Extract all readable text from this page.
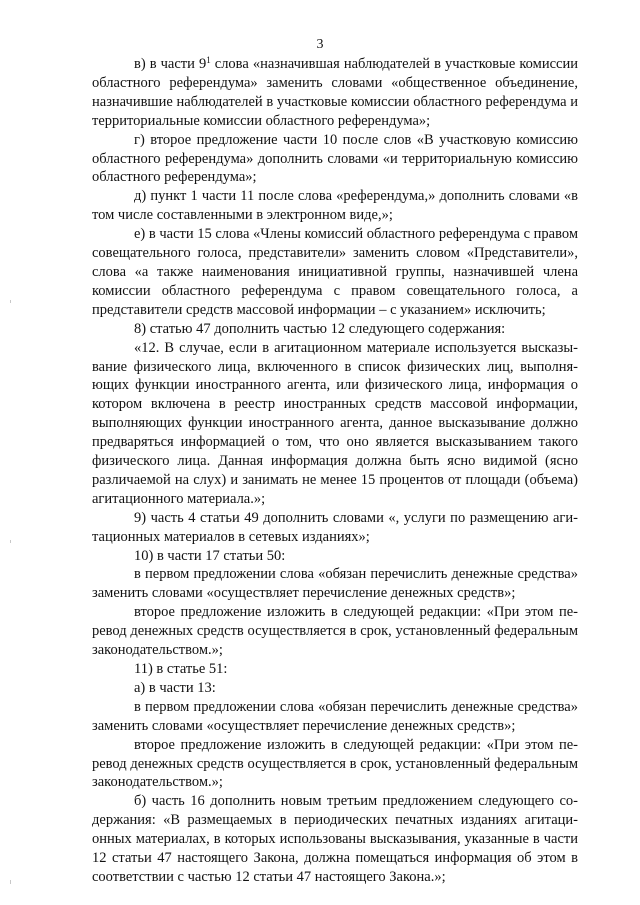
3

в) в части $9^1$ слова «назначившая наблюдателей в участковые комиссии областного референдума» заменить словами «общественное объединение, назначившие наблюдателей в участковые комиссии областного референдума и территориальные комиссии областного референдума»;

г) второе предложение части 10 после слов «В участковую комиссию областного референдума» дополнить словами «и территориальную комиссию областного референдума»;

д) пункт 1 части 11 после слова «референдума,» дополнить словами «в том числе составленными в электронном виде,»;

е) в части 15 слова «Члены комиссий областного референдума с правом совещательного голоса, представители» заменить словом «Представители», слова «а также наименования инициативной группы, назначившей члена комиссии областного референдума с правом совещательного голоса, а представители средств массовой информации – с указанием» исключить;

8) статью 47 дополнить частью 12 следующего содержания:

«12. В случае, если в агитационном материале используется высказывание физического лица, включенного в список физических лиц, выполняющих функции иностранного агента, или физического лица, информация о котором включена в реестр иностранных средств массовой информации, выполняющих функции иностранного агента, данное высказывание должно предваряться информацией о том, что оно является высказыванием такого физического лица. Данная информация должна быть ясно видимой (ясно различаемой на слух) и занимать не менее 15 процентов от площади (объема) агитационного материала.»;

9) часть 4 статьи 49 дополнить словами «, услуги по размещению агитационных материалов в сетевых изданиях»;

10) в части 17 статьи 50:

в первом предложении слова «обязан перечислить денежные средства» заменить словами «осуществляет перечисление денежных средств»;

второе предложение изложить в следующей редакции: «При этом перевод денежных средств осуществляется в срок, установленный федеральным законодательством.»;

11) в статье 51:

а) в части 13:

в первом предложении слова «обязан перечислить денежные средства» заменить словами «осуществляет перечисление денежных средств»;

второе предложение изложить в следующей редакции: «При этом перевод денежных средств осуществляется в срок, установленный федеральным законодательством.»;

б) часть 16 дополнить новым третьим предложением следующего содержания: «В размещаемых в периодических печатных изданиях агитационных материалах, в которых использованы высказывания, указанные в части 12 статьи 47 настоящего Закона, должна помещаться информация об этом в соответствии с частью 12 статьи 47 настоящего Закона.»;
